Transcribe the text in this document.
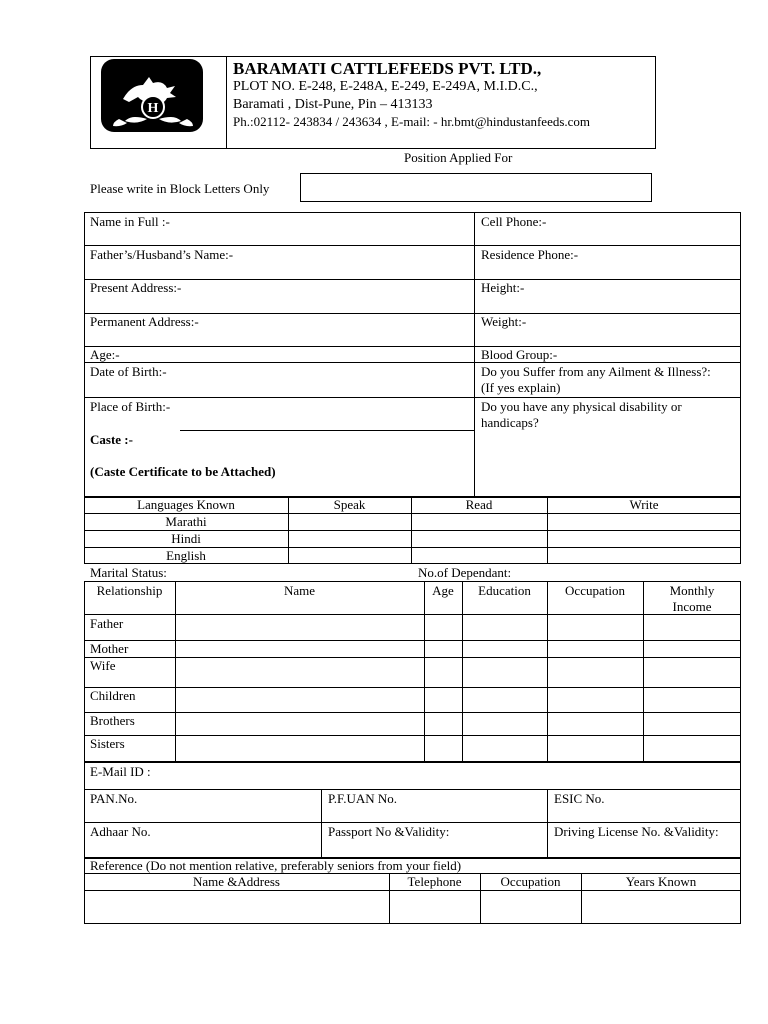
H
BARAMATI CATTLEFEEDS PVT. LTD.,
PLOT NO. E-248, E-248A, E-249, E-249A, M.I.D.C.,
Baramati , Dist-Pune, Pin – 413133
Ph.:02112- 243834 / 243634 , E-mail: - hr.bmt@hindustanfeeds.com
Position Applied For
Please write in Block Letters Only
Name in Full :-	Cell Phone:-
Father’s/Husband’s Name:-	Residence Phone:-
Present Address:-	Height:-
Permanent Address:-	Weight:-
Age:-	Blood Group:-
Date of Birth:-	Do you Suffer from any Ailment & Illness?:
(If yes explain)
Place of Birth:-	Do you have any physical disability or
handicaps?
Caste :-
(Caste Certificate to be Attached)
Languages Known	Speak	Read	Write
Marathi
Hindi
English
Marital Status:	No.of Dependant:
Relationship	Name	Age	Education	Occupation	Monthly
Income
Father
Mother
Wife
Children
Brothers
Sisters
E-Mail ID :
PAN.No.	P.F.UAN No.	ESIC No.
Adhaar No.	Passport No &Validity:	Driving License No. &Validity:
Reference (Do not mention relative, preferably seniors from your field)
Name &Address	Telephone	Occupation	Years Known
